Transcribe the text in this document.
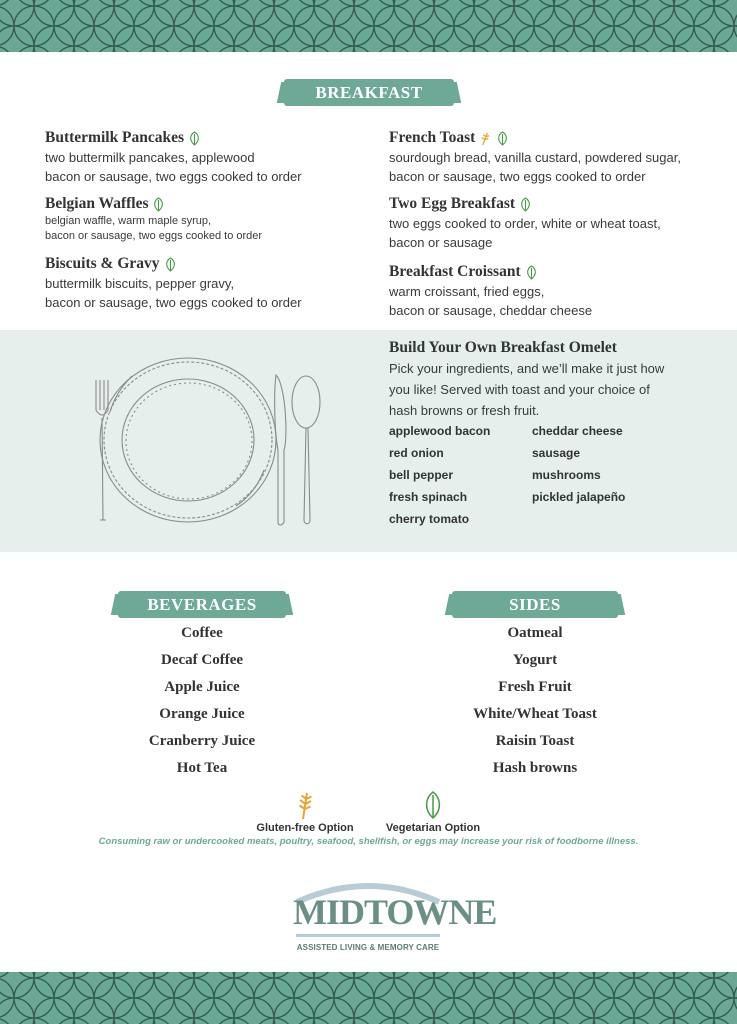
BREAKFAST
Buttermilk Pancakes
two buttermilk pancakes, applewood
bacon or sausage, two eggs cooked to order
Belgian Waffles
belgian waffle, warm maple syrup,
bacon or sausage, two eggs cooked to order
Biscuits & Gravy
buttermilk biscuits, pepper gravy,
bacon or sausage, two eggs cooked to order
French Toast
sourdough bread, vanilla custard, powdered sugar,
bacon or sausage, two eggs cooked to order
Two Egg Breakfast
two eggs cooked to order, white or wheat toast,
bacon or sausage
Breakfast Croissant
warm croissant, fried eggs,
bacon or sausage, cheddar cheese
Build Your Own Breakfast Omelet
Pick your ingredients, and we’ll make it just how
you like! Served with toast and your choice of
hash browns or fresh fruit.
applewood bacon	cheddar cheese
red onion	sausage
bell pepper	mushrooms
fresh spinach	pickled jalapeño
cherry tomato
BEVERAGES	SIDES
Coffee
Decaf Coffee
Apple Juice
Orange Juice
Cranberry Juice
Hot Tea
Oatmeal
Yogurt
Fresh Fruit
White/Wheat Toast
Raisin Toast
Hash browns
Gluten-free Option	Vegetarian Option
Consuming raw or undercooked meats, poultry, seafood, shellfish, or eggs may increase your risk of foodborne illness.
MIDTOWNE
ASSISTED LIVING & MEMORY CARE
